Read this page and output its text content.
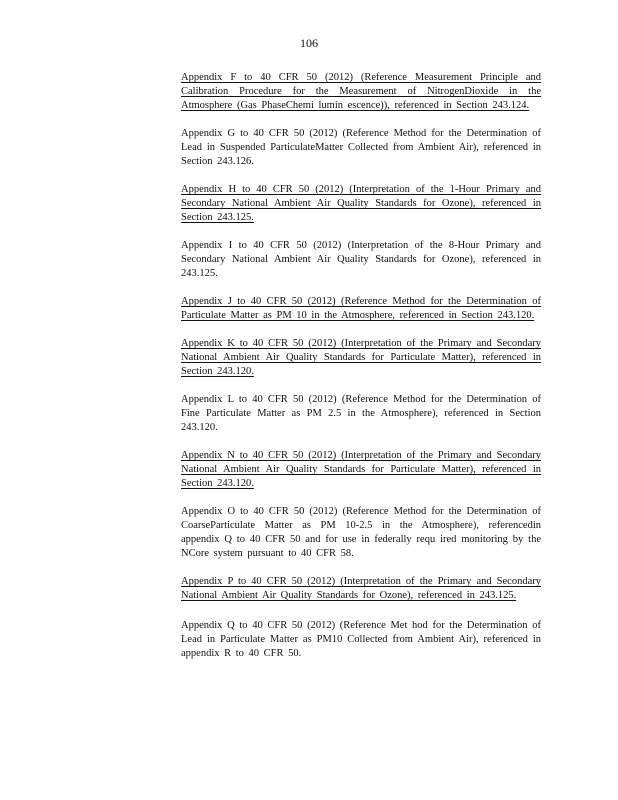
106

Appendix F to 40 CFR 50 (2012) (Reference Measurement Principle and Calibration Procedure for the Measurement of NitrogenDioxide in the Atmosphere (Gas PhaseChemi lumin escence)), referenced in Section 243.124.

Appendix G to 40 CFR 50 (2012) (Reference Method for the Determination of Lead in Suspended ParticulateMatter Collected from Ambient Air), referenced in Section 243.126.

Appendix H to 40 CFR 50 (2012) (Interpretation of the 1-Hour Primary and Secondary National Ambient Air Quality Standards for Ozone), referenced in Section 243.125.

Appendix I to 40 CFR 50 (2012) (Interpretation of the 8-Hour Primary and Secondary National Ambient Air Quality Standards for Ozone), referenced in 243.125.

Appendix J to 40 CFR 50 (2012) (Reference Method for the Determination of Particulate Matter as PM 10 in the Atmosphere, referenced in Section 243.120.

Appendix K to 40 CFR 50 (2012) (Interpretation of the Primary and Secondary National Ambient Air Quality Standards for Particulate Matter), referenced in Section 243.120.

Appendix L to 40 CFR 50 (2012) (Reference Method for the Determination of Fine Particulate Matter as PM 2.5 in the Atmosphere), referenced in Section 243.120.

Appendix N to 40 CFR 50 (2012) (Interpretation of the Primary and Secondary National Ambient Air Quality Standards for Particulate Matter), referenced in Section 243.120.

Appendix O to 40 CFR 50 (2012) (Reference Method for the Determination of CoarseParticulate Matter as PM 10-2.5 in the Atmosphere), referencedin appendix Q to 40 CFR 50 and for use in federally requ ired monitoring by the NCore system pursuant to 40 CFR 58.

Appendix P to 40 CFR 50 (2012) (Interpretation of the Primary and Secondary National Ambient Air Quality Standards for Ozone), referenced in 243.125.

Appendix Q to 40 CFR 50 (2012) (Reference Met hod for the Determination of Lead in Particulate Matter as PM10 Collected from Ambient Air), referenced in appendix R to 40 CFR 50.
